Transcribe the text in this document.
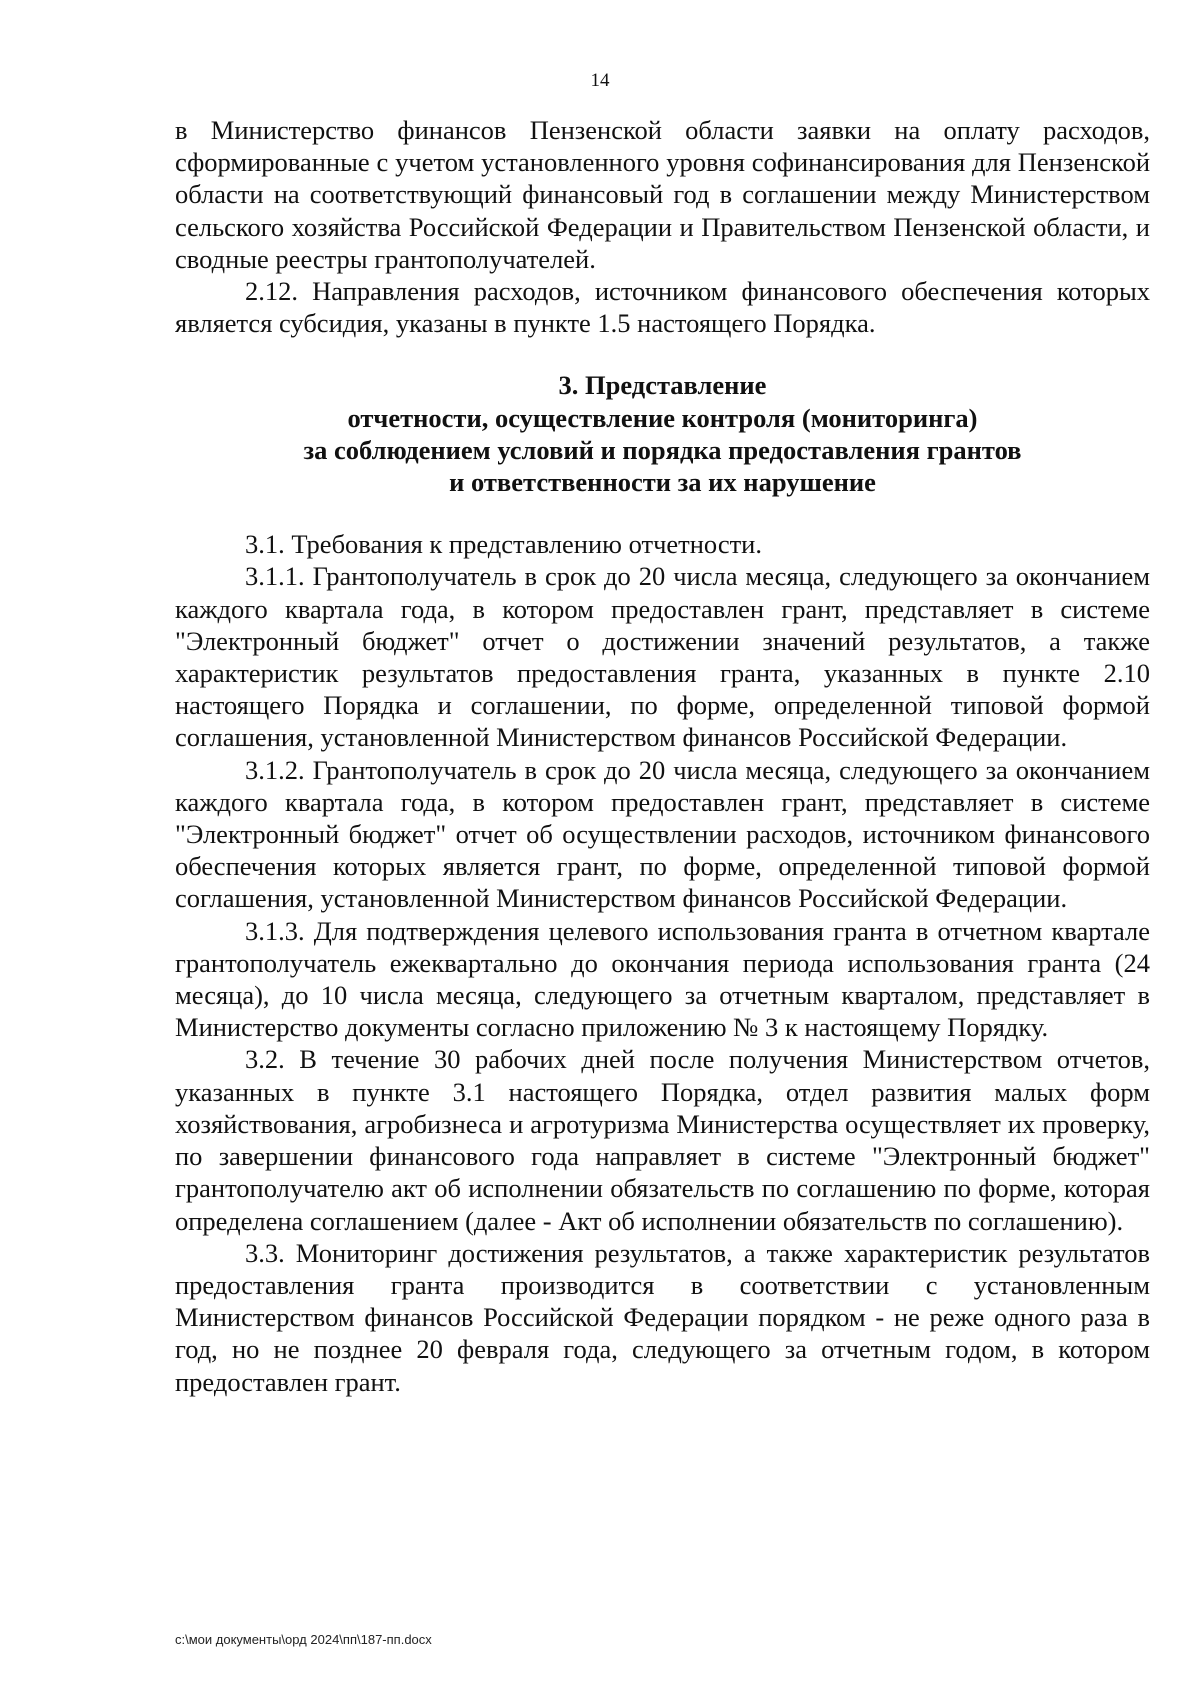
14

в Министерство финансов Пензенской области заявки на оплату расходов, сформированные с учетом установленного уровня софинансирования для Пензенской области на соответствующий финансовый год в соглашении между Министерством сельского хозяйства Российской Федерации и Правительством Пензенской области, и сводные реестры грантополучателей.

2.12. Направления расходов, источником финансового обеспечения которых является субсидия, указаны в пункте 1.5 настоящего Порядка.

3. Представление
отчетности, осуществление контроля (мониторинга)
за соблюдением условий и порядка предоставления грантов
и ответственности за их нарушение

3.1. Требования к представлению отчетности.

3.1.1. Грантополучатель в срок до 20 числа месяца, следующего за окончанием каждого квартала года, в котором предоставлен грант, представляет в системе "Электронный бюджет" отчет о достижении значений результатов, а также характеристик результатов предоставления гранта, указанных в пункте 2.10 настоящего Порядка и соглашении, по форме, определенной типовой формой соглашения, установленной Министерством финансов Российской Федерации.

3.1.2. Грантополучатель в срок до 20 числа месяца, следующего за окончанием каждого квартала года, в котором предоставлен грант, представляет в системе "Электронный бюджет" отчет об осуществлении расходов, источником финансового обеспечения которых является грант, по форме, определенной типовой формой соглашения, установленной Министерством финансов Российской Федерации.

3.1.3. Для подтверждения целевого использования гранта в отчетном квартале грантополучатель ежеквартально до окончания периода использования гранта (24 месяца), до 10 числа месяца, следующего за отчетным кварталом, представляет в Министерство документы согласно приложению № 3 к настоящему Порядку.

3.2. В течение 30 рабочих дней после получения Министерством отчетов, указанных в пункте 3.1 настоящего Порядка, отдел развития малых форм хозяйствования, агробизнеса и агротуризма Министерства осуществляет их проверку, по завершении финансового года направляет в системе "Электронный бюджет" грантополучателю акт об исполнении обязательств по соглашению по форме, которая определена соглашением (далее - Акт об исполнении обязательств по соглашению).

3.3. Мониторинг достижения результатов, а также характеристик результатов предоставления гранта производится в соответствии с установленным Министерством финансов Российской Федерации порядком - не реже одного раза в год, но не позднее 20 февраля года, следующего за отчетным годом, в котором предоставлен грант.

c:\мои документы\орд 2024\пп\187-пп.docx
